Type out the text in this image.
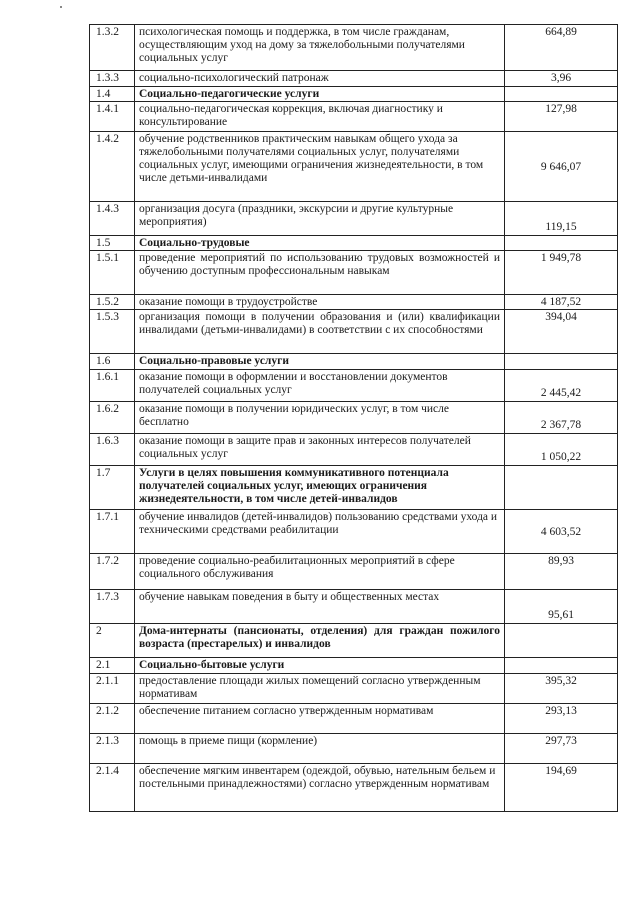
1.3.2	психологическая помощь и поддержка, в том числе гражданам, осуществляющим уход на дому за тяжелобольными получателями социальных услуг	664,89
1.3.3	социально-психологический патронаж	3,96
1.4	Социально-педагогические услуги	
1.4.1	социально-педагогическая коррекция, включая диагностику и консультирование	127,98
1.4.2	обучение родственников практическим навыкам общего ухода за тяжелобольными получателями социальных услуг, получателями социальных услуг, имеющими ограничения жизнедеятельности, в том числе детьми-инвалидами	9 646,07
1.4.3	организация досуга (праздники, экскурсии и другие культурные мероприятия)	119,15
1.5	Социально-трудовые	
1.5.1	проведение мероприятий по использованию трудовых возможностей и обучению доступным профессиональным навыкам	1 949,78
1.5.2	оказание помощи в трудоустройстве	4 187,52
1.5.3	организация помощи в получении образования и (или) квалификации инвалидами (детьми-инвалидами) в соответствии с их способностями	394,04
1.6	Социально-правовые услуги	
1.6.1	оказание помощи в оформлении и восстановлении документов получателей социальных услуг	2 445,42
1.6.2	оказание помощи в получении юридических услуг, в том числе бесплатно	2 367,78
1.6.3	оказание помощи в защите прав и законных интересов получателей социальных услуг	1 050,22
1.7	Услуги в целях повышения коммуникативного потенциала получателей социальных услуг, имеющих ограничения жизнедеятельности, в том числе детей-инвалидов	
1.7.1	обучение инвалидов (детей-инвалидов) пользованию средствами ухода и техническими средствами реабилитации	4 603,52
1.7.2	проведение социально-реабилитационных мероприятий в сфере социального обслуживания	89,93
1.7.3	обучение навыкам поведения в быту и общественных местах	95,61
2	Дома-интернаты (пансионаты, отделения) для граждан пожилого возраста (престарелых) и инвалидов	
2.1	Социально-бытовые услуги	
2.1.1	предоставление площади жилых помещений согласно утвержденным нормативам	395,32
2.1.2	обеспечение питанием согласно утвержденным нормативам	293,13
2.1.3	помощь в приеме пищи (кормление)	297,73
2.1.4	обеспечение мягким инвентарем (одеждой, обувью, нательным бельем и постельными принадлежностями) согласно утвержденным нормативам	194,69
